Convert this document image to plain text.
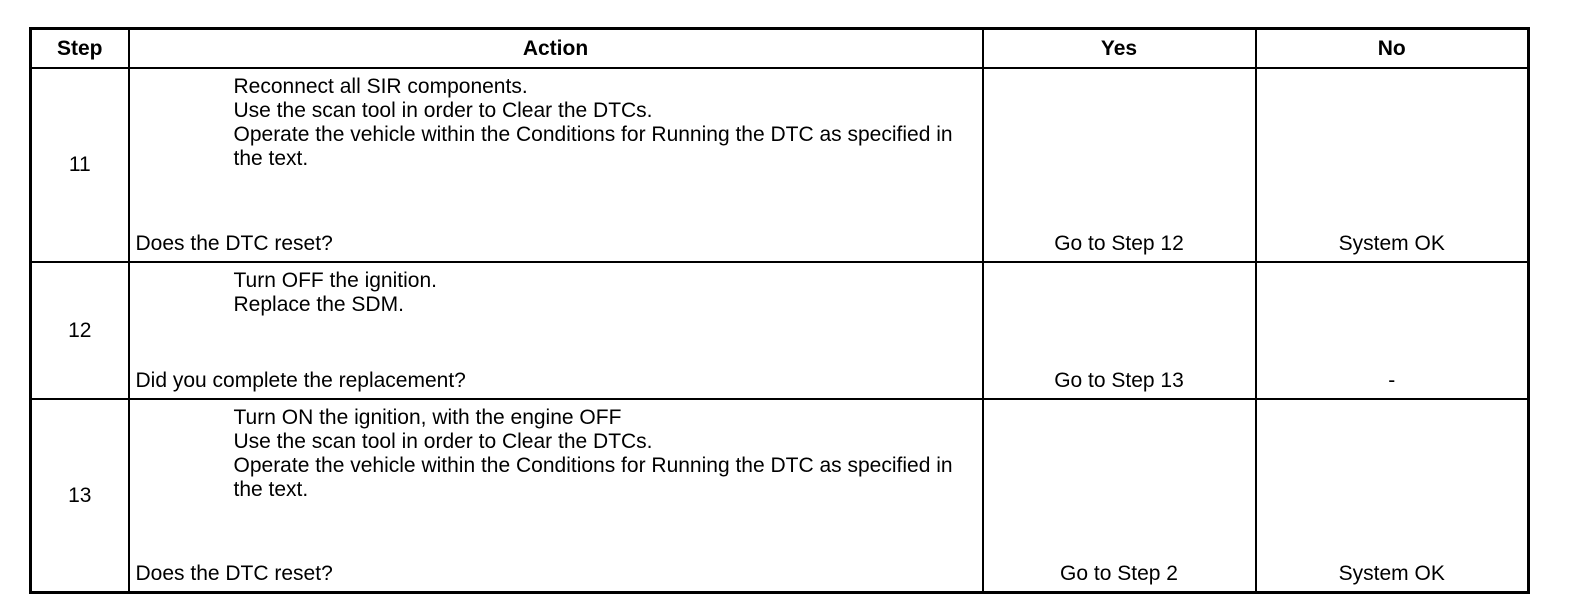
Step	Action	Yes	No
11	Reconnect all SIR components.
Use the scan tool in order to Clear the DTCs.
Operate the vehicle within the Conditions for Running the DTC as specified in the text.
Does the DTC reset?	Go to Step 12	System OK

12	Turn OFF the ignition.
Replace the SDM.
Did you complete the replacement?	Go to Step 13	-

13	Turn ON the ignition, with the engine OFF
Use the scan tool in order to Clear the DTCs.
Operate the vehicle within the Conditions for Running the DTC as specified in the text.
Does the DTC reset?	Go to Step 2	System OK
